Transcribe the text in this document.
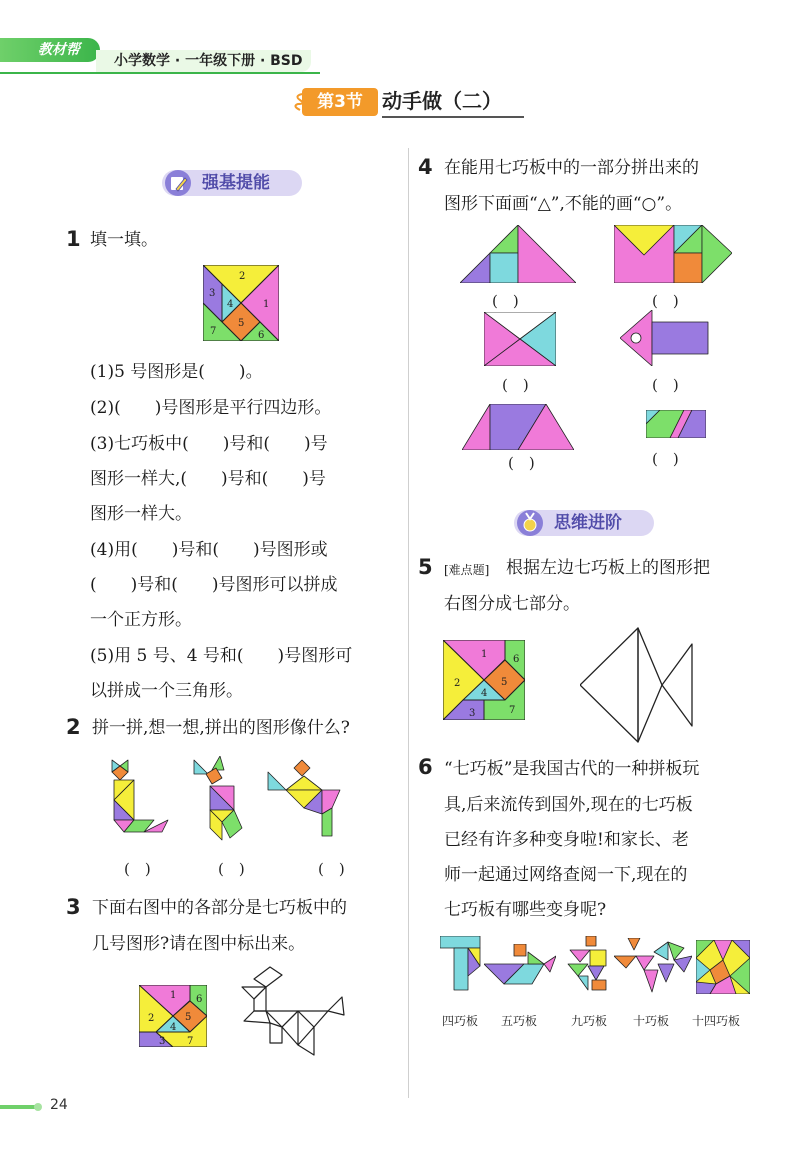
教材帮
小学数学 · 一年级下册 · BSD
第3节 动手做（二）
强基提能
1 填一填。
2
1
3
4
5
6
7
(1)5 号图形是(　　)。
(2)(　　)号图形是平行四边形。
(3)七巧板中(　　)号和(　　)号
图形一样大,(　　)号和(　　)号
图形一样大。
(4)用(　　)号和(　　)号图形或
(　　)号和(　　)号图形可以拼成
一个正方形。
(5)用 5 号、4 号和(　　)号图形可
以拼成一个三角形。
2 拼一拼,想一想,拼出的图形像什么?
(　)	(　)	(　)
3 下面右图中的各部分是七巧板中的
几号图形?请在图中标出来。
1
2
3
4
5
6
7
4 在能用七巧板中的一部分拼出来的
图形下面画“△”,不能的画“○”。
(　)	(　)
(　)	(　)
(　)	(　)
思维进阶
5 [难点题] 根据左边七巧板上的图形把
右图分成七部分。
1
2
3
4
5
6
7
6 “七巧板”是我国古代的一种拼板玩
具,后来流传到国外,现在的七巧板
已经有许多种变身啦!和家长、老
师一起通过网络查阅一下,现在的
七巧板有哪些变身呢?
四巧板 五巧板	九巧板 十巧板 十四巧板
24
